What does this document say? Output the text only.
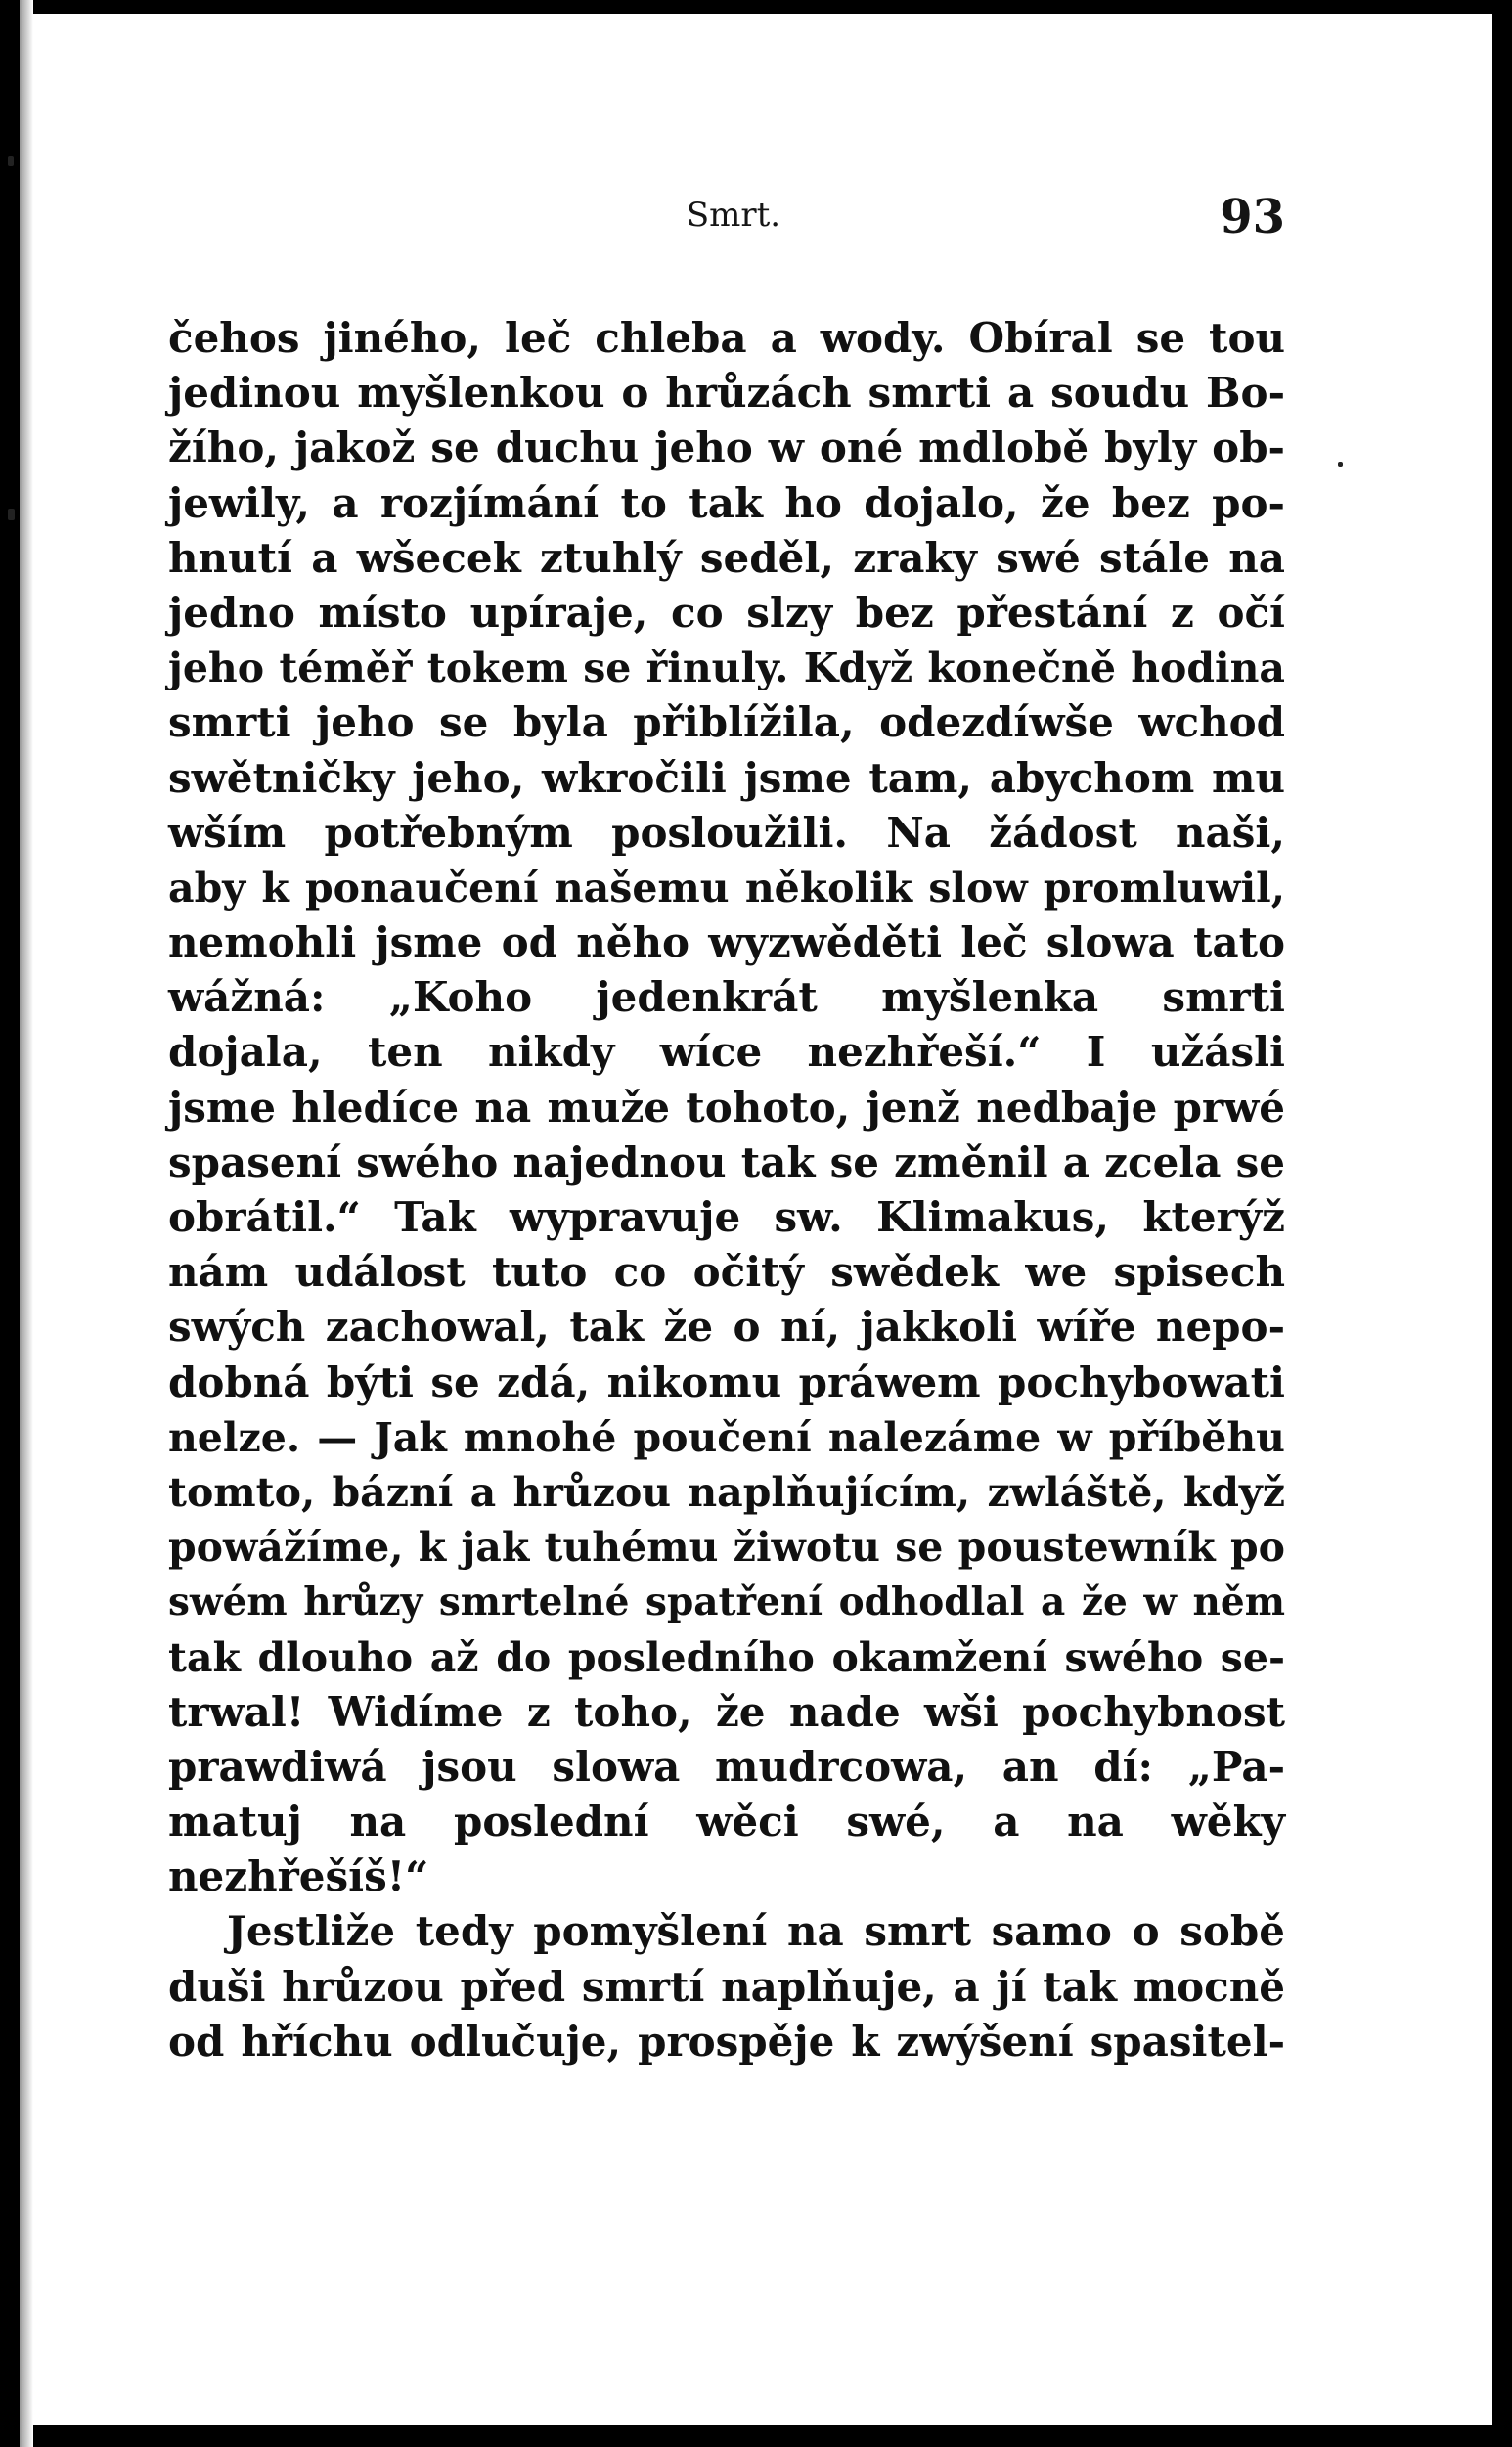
Smrt.	93
čehos jiného, leč chleba a wody. Obíral se tou
jedinou myšlenkou o hrůzách smrti a soudu Bo-
žího, jakož se duchu jeho w oné mdlobě byly ob-
jewily, a rozjímání to tak ho dojalo, že bez po-
hnutí a wšecek ztuhlý seděl, zraky swé stále na
jedno místo upíraje, co slzy bez přestání z očí
jeho téměř tokem se řinuly. Když konečně hodina
smrti jeho se byla přiblížila, odezdíwše wchod
swětničky jeho, wkročili jsme tam, abychom mu
wším potřebným posloužili. Na žádost naši,
aby k ponaučení našemu několik slow promluwil,
nemohli jsme od něho wyzwěděti leč slowa tato
wážná: „Koho jedenkrát myšlenka smrti
dojala, ten nikdy wíce nezhřeší.“ I užásli
jsme hledíce na muže tohoto, jenž nedbaje prwé
spasení swého najednou tak se změnil a zcela se
obrátil.“ Tak wypravuje sw. Klimakus, kterýž
nám událost tuto co očitý swědek we spisech
swých zachowal, tak že o ní, jakkoli wíře nepo-
dobná býti se zdá, nikomu práwem pochybowati
nelze. — Jak mnohé poučení nalezáme w příběhu
tomto, bázní a hrůzou naplňujícím, zwláště, když
powážíme, k jak tuhému žiwotu se poustewník po
swém hrůzy smrtelné spatření odhodlal a že w něm
tak dlouho až do posledního okamžení swého se-
trwal! Widíme z toho, že nade wši pochybnost
prawdiwá jsou slowa mudrcowa, an dí: „Pa-
matuj na poslední wěci swé, a na wěky
nezhřešíš!“
Jestliže tedy pomyšlení na smrt samo o sobě
duši hrůzou před smrtí naplňuje, a jí tak mocně
od hříchu odlučuje, prospěje k zwýšení spasitel-
